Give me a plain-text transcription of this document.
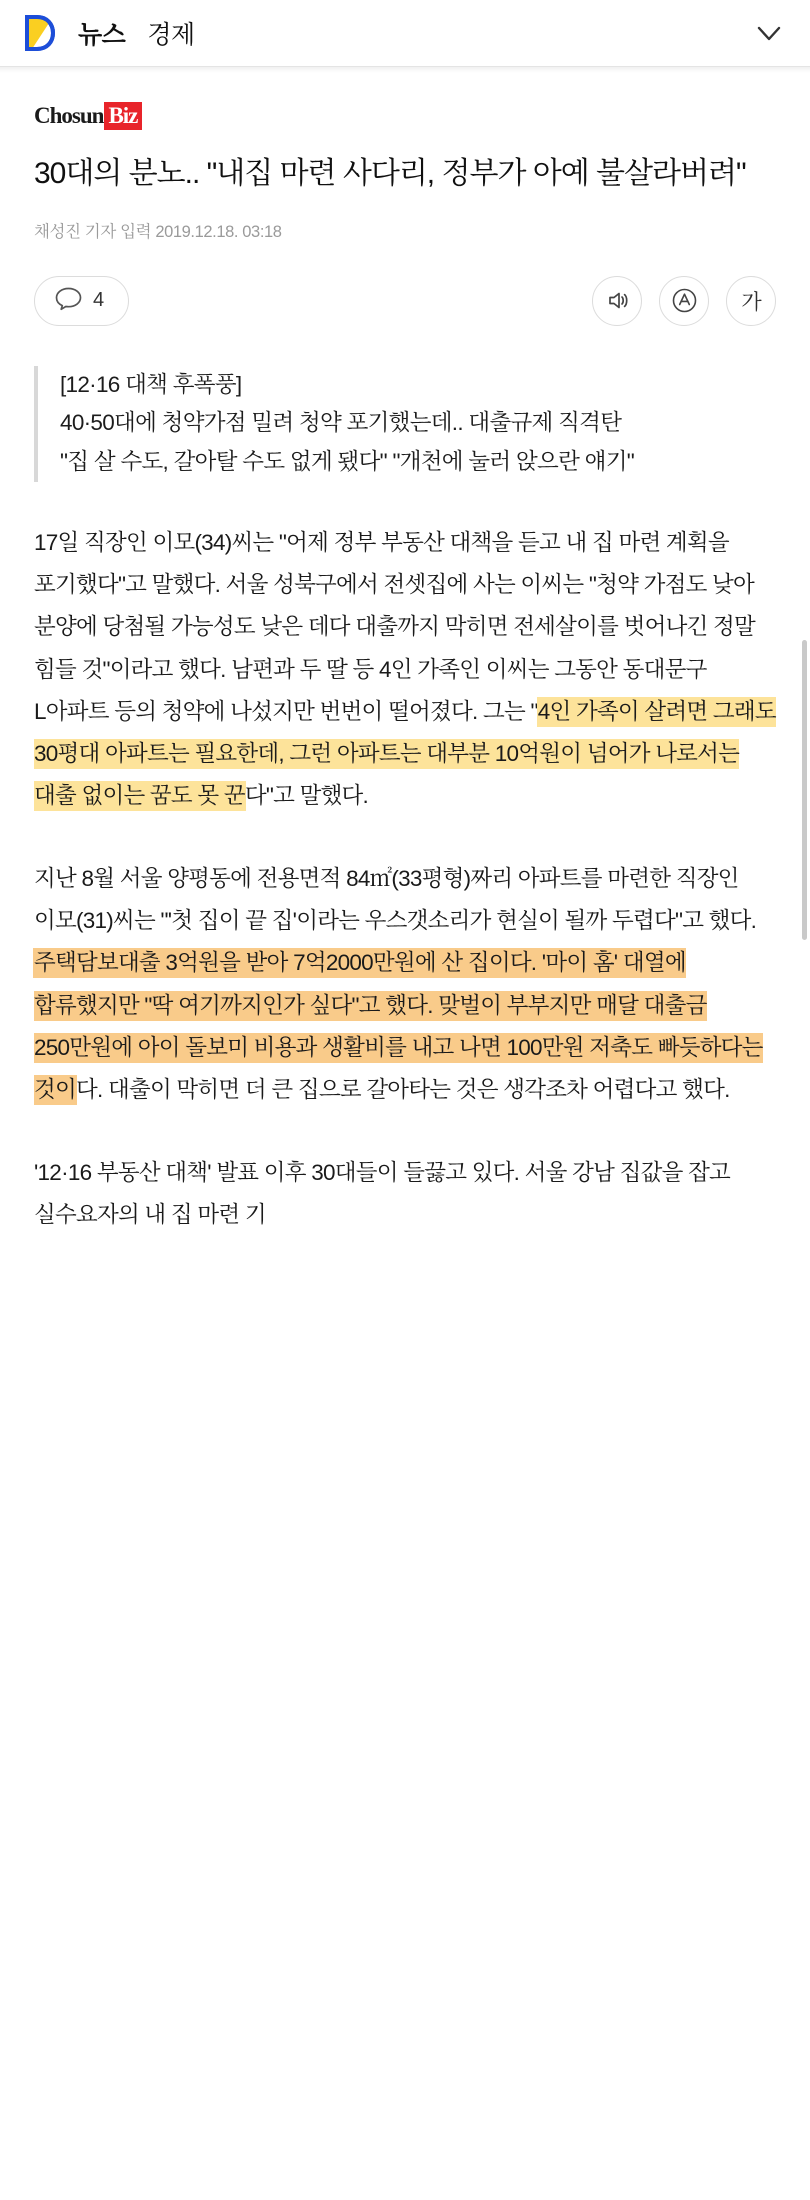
뉴스 경제
Chosun Biz
30대의 분노.. "내집 마련 사다리, 정부가 아예 불살라버려"
채성진 기자 입력 2019.12.18. 03:18
4	가
[12·16 대책 후폭풍]
40·50대에 청약가점 밀려 청약 포기했는데.. 대출규제 직격탄
"집 살 수도, 갈아탈 수도 없게 됐다" "개천에 눌러 앉으란 얘기"

17일 직장인 이모(34)씨는 "어제 정부 부동산 대책을 듣고 내 집 마련 계획을 포기했다"고 말했다. 서울 성북구에서 전셋집에 사는 이씨는 "청약 가점도 낮아 분양에 당첨될 가능성도 낮은 데다 대출까지 막히면 전세살이를 벗어나긴 정말 힘들 것"이라고 했다. 남편과 두 딸 등 4인 가족인 이씨는 그동안 동대문구 L아파트 등의 청약에 나섰지만 번번이 떨어졌다. 그는 "4인 가족이 살려면 그래도 30평대 아파트는 필요한데, 그런 아파트는 대부분 10억원이 넘어가 나로서는 대출 없이는 꿈도 못 꾼다"고 말했다.

지난 8월 서울 양평동에 전용면적 84㎡(33평형)짜리 아파트를 마련한 직장인 이모(31)씨는 "'첫 집이 끝 집'이라는 우스갯소리가 현실이 될까 두렵다"고 했다. 주택담보대출 3억원을 받아 7억2000만원에 산 집이다. '마이 홈' 대열에 합류했지만 "딱 여기까지인가 싶다"고 했다. 맞벌이 부부지만 매달 대출금 250만원에 아이 돌보미 비용과 생활비를 내고 나면 100만원 저축도 빠듯하다는 것이다. 대출이 막히면 더 큰 집으로 갈아타는 것은 생각조차 어렵다고 했다.

'12·16 부동산 대책' 발표 이후 30대들이 들끓고 있다. 서울 강남 집값을 잡고 실수요자의 내 집 마련 기
